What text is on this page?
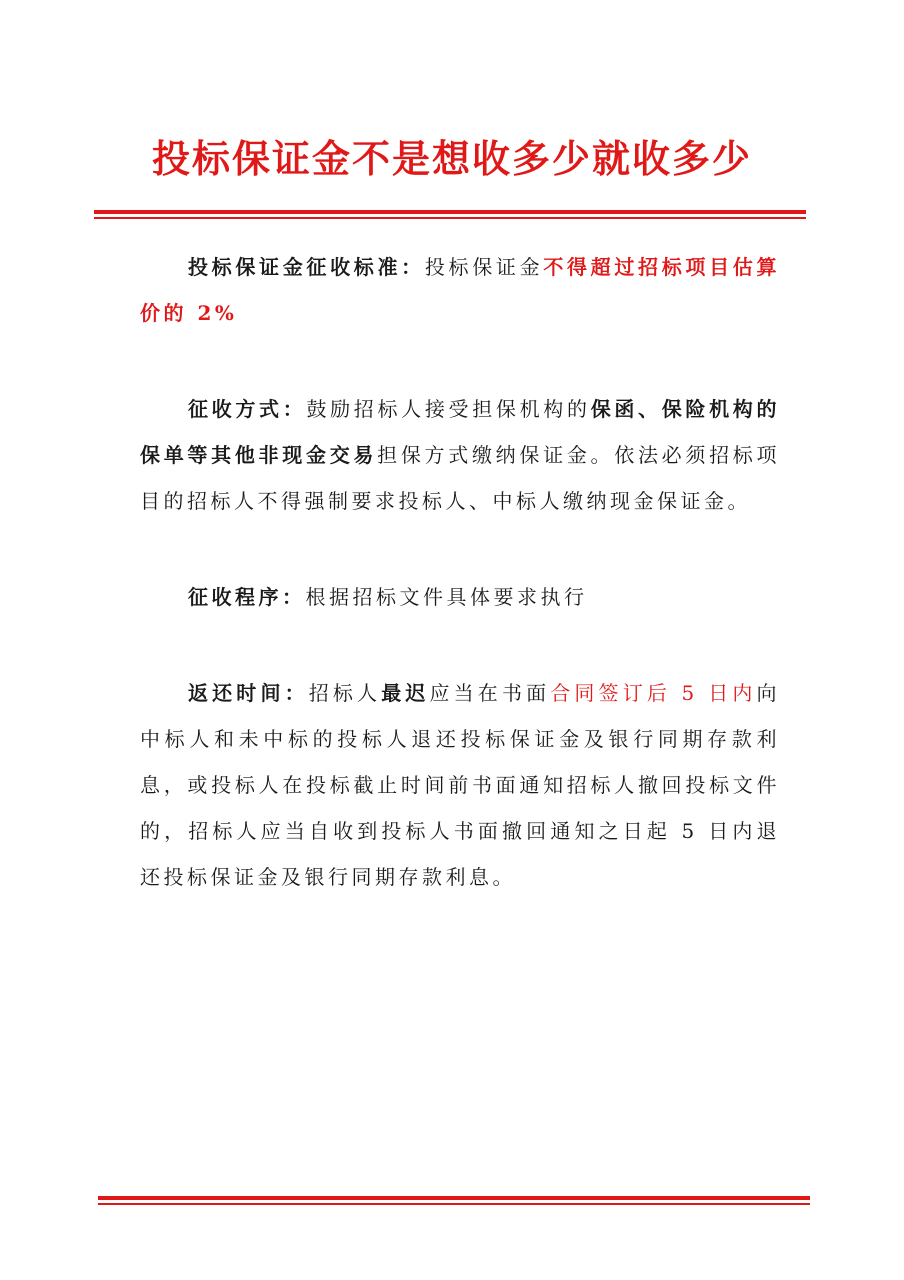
投标保证金不是想收多少就收多少

投标保证金征收标准：投标保证金不得超过招标项目估算价的 2%

征收方式：鼓励招标人接受担保机构的保函、保险机构的保单等其他非现金交易担保方式缴纳保证金。依法必须招标项目的招标人不得强制要求投标人、中标人缴纳现金保证金。

征收程序：根据招标文件具体要求执行

返还时间：招标人最迟应当在书面合同签订后 5 日内向中标人和未中标的投标人退还投标保证金及银行同期存款利息，或投标人在投标截止时间前书面通知招标人撤回投标文件的，招标人应当自收到投标人书面撤回通知之日起 5 日内退还投标保证金及银行同期存款利息。
